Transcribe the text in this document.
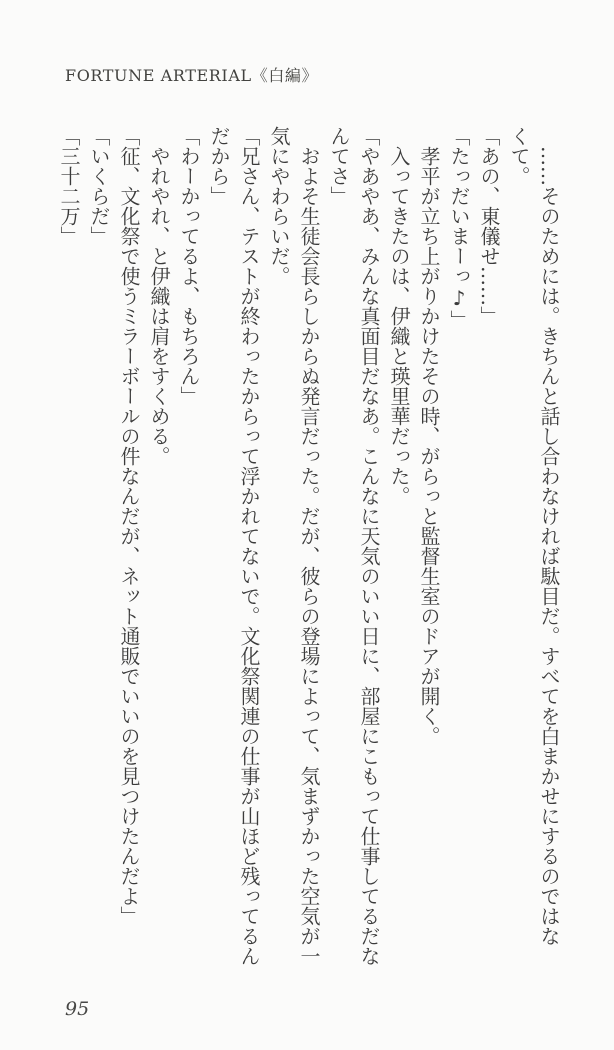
FORTUNE ARTERIAL《白編》
……そのためには。きちんと話し合わなければ駄目だ。すべてを白まかせにするのではな
くて。
「あの、東儀せ……」
「たっだいまーっ♪」
孝平が立ち上がりかけたその時、がらっと監督生室のドアが開く。
入ってきたのは、伊織と瑛里華だった。
「やあやあ、みんな真面目だなあ。こんなに天気のいい日に、部屋にこもって仕事してるだな
んてさ」
およそ生徒会長らしからぬ発言だった。だが、彼らの登場によって、気まずかった空気が一
気にやわらいだ。
「兄さん、テストが終わったからって浮かれてないで。文化祭関連の仕事が山ほど残ってるん
だから」
「わーかってるよ、もちろん」
やれやれ、と伊織は肩をすくめる。
「征、文化祭で使うミラーボールの件なんだが、ネット通販でいいのを見つけたんだよ」
「いくらだ」
「三十二万」
95
